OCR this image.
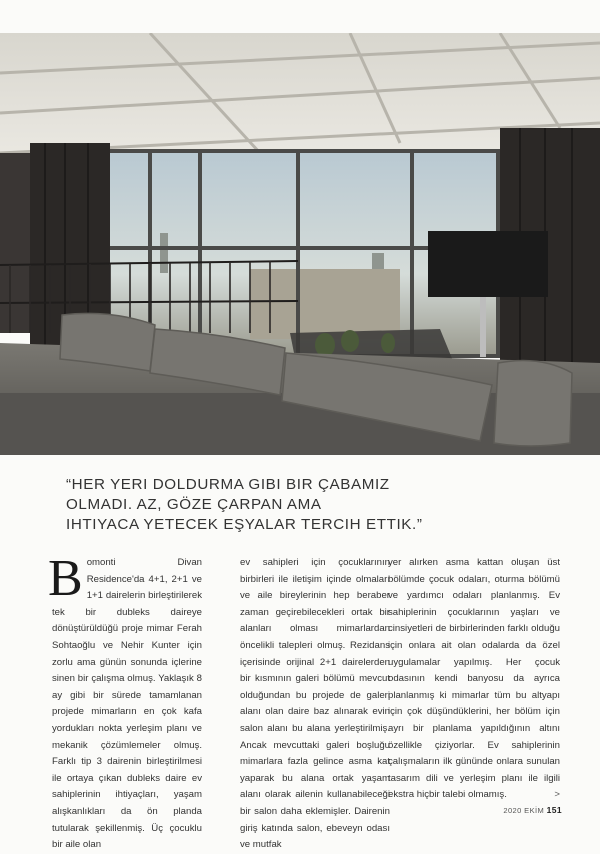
“HER YERI DOLDURMA GIBI BIR ÇABAMIZ
OLMADI. AZ, GÖZE ÇARPAN AMA
IHTIYACA YETECEK EŞYALAR TERCIH ETTIK.”
Bomonti Divan Residence'da 4+1, 2+1 ve 1+1 dairelerin birleştirilerek tek bir dubleks daireye dönüştürüldüğü proje mimar Ferah Sohtaoğlu ve Nehir Kunter için zorlu ama günün sonunda içlerine sinen bir çalışma olmuş. Yaklaşık 8 ay gibi bir sürede tamamlanan projede mimarların en çok kafa yordukları nokta yerleşim planı ve mekanik çözümlemeler olmuş. Farklı tip 3 dairenin birleştirilmesi ile ortaya çıkan dubleks daire ev sahiplerinin ihtiyaçları, yaşam alışkanlıkları da ön planda tutularak şekillenmiş. Üç çocuklu bir aile olan
ev sahipleri için çocuklarının birbirleri ile iletişim içinde olmaları ve aile bireylerinin hep beraber zaman geçirebilecekleri ortak bir alanları olması mimarlardan öncelikli talepleri olmuş. Rezidans içerisinde orijinal 2+1 dairelerden bir kısmının galeri bölümü mevcut olduğundan bu projede de galeri alanı olan daire baz alınarak evin salon alanı bu alana yerleştirilmiş. Ancak mevcuttaki galeri boşluğu mimarlara fazla gelince asma kat yaparak bu alana ortak yaşam alanı olarak ailenin kullanabileceği bir salon daha eklemişler. Dairenin giriş katında salon, ebeveyn odası ve mutfak
yer alırken asma kattan oluşan üst bölümde çocuk odaları, oturma bölümü ve yardımcı odaları planlanmış. Ev sahiplerinin çocuklarının yaşları ve cinsiyetleri de birbirlerinden farklı olduğu için onlara ait olan odalarda da özel uygulamalar yapılmış. Her çocuk odasının kendi banyosu da ayrıca planlanmış ki mimarlar tüm bu altyapı için çok düşündüklerini, her bölüm için ayrı bir planlama yapıldığının altını özellikle çiziyorlar. Ev sahiplerinin çalışmaların ilk gününde onlara sunulan tasarım dili ve yerleşim planı ile ilgili ekstra hiçbir talebi olmamış.	>
2020 EKİM 151
